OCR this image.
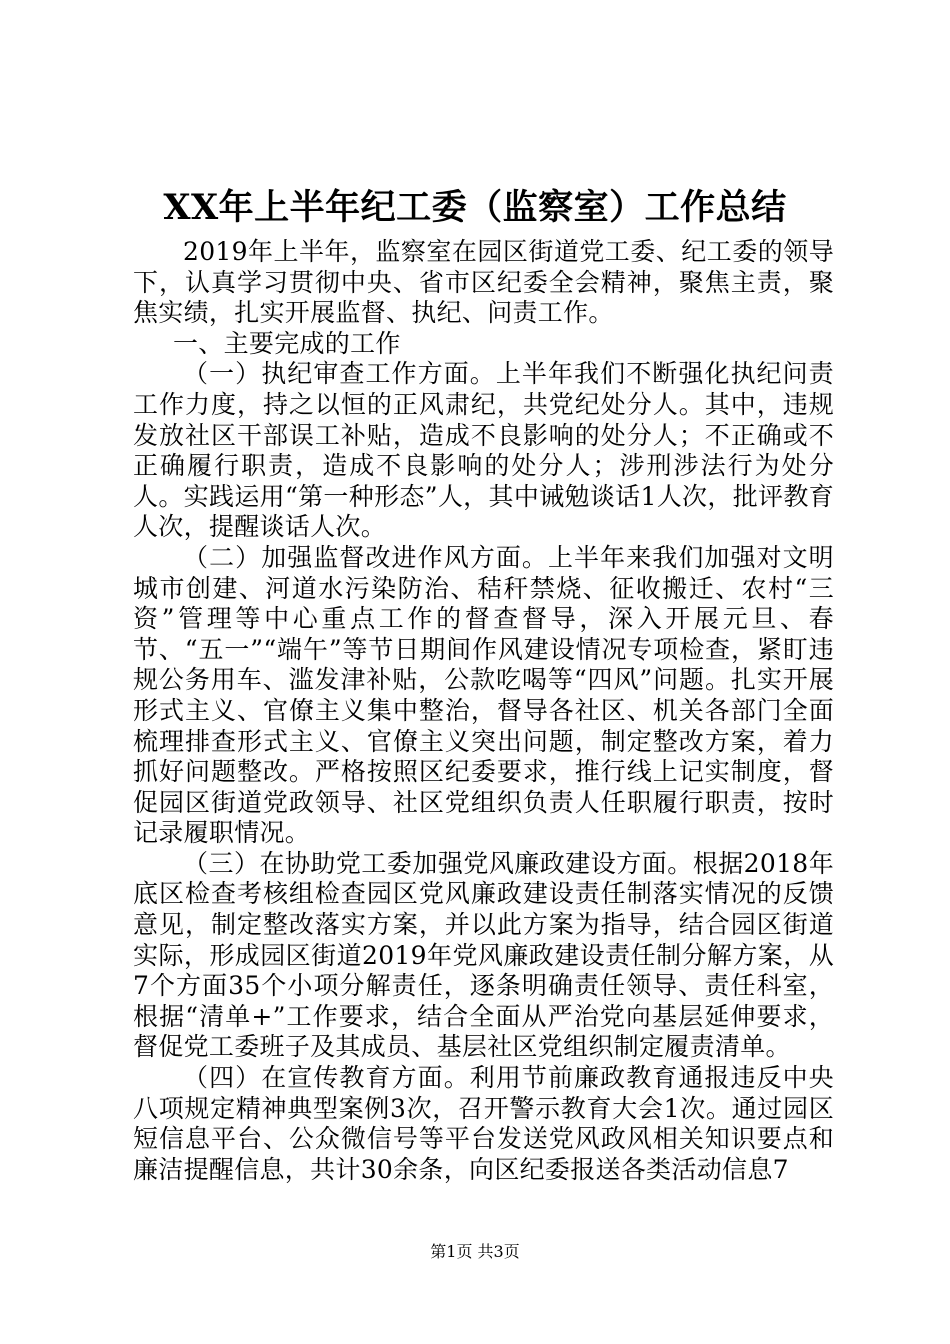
XX年上半年纪工委（监察室）工作总结

2019年上半年，监察室在园区街道党工委、纪工委的领导下，认真学习贯彻中央、省市区纪委全会精神，聚焦主责，聚焦实绩，扎实开展监督、执纪、问责工作。

一、主要完成的工作

（一）执纪审查工作方面。上半年我们不断强化执纪问责工作力度，持之以恒的正风肃纪，共党纪处分人。其中，违规发放社区干部误工补贴，造成不良影响的处分人；不正确或不正确履行职责，造成不良影响的处分人；涉刑涉法行为处分人。实践运用“第一种形态”人，其中诫勉谈话1人次，批评教育人次，提醒谈话人次。

（二）加强监督改进作风方面。上半年来我们加强对文明城市创建、河道水污染防治、秸秆禁烧、征收搬迁、农村“三资”管理等中心重点工作的督查督导，深入开展元旦、春节、“五一”“端午”等节日期间作风建设情况专项检查，紧盯违规公务用车、滥发津补贴，公款吃喝等“四风”问题。扎实开展形式主义、官僚主义集中整治，督导各社区、机关各部门全面梳理排查形式主义、官僚主义突出问题，制定整改方案，着力抓好问题整改。严格按照区纪委要求，推行线上记实制度，督促园区街道党政领导、社区党组织负责人任职履行职责，按时记录履职情况。

（三）在协助党工委加强党风廉政建设方面。根据2018年底区检查考核组检查园区党风廉政建设责任制落实情况的反馈意见，制定整改落实方案，并以此方案为指导，结合园区街道实际，形成园区街道2019年党风廉政建设责任制分解方案，从7个方面35个小项分解责任，逐条明确责任领导、责任科室，根据“清单+”工作要求，结合全面从严治党向基层延伸要求，督促党工委班子及其成员、基层社区党组织制定履责清单。

（四）在宣传教育方面。利用节前廉政教育通报违反中央八项规定精神典型案例3次，召开警示教育大会1次。通过园区短信息平台、公众微信号等平台发送党风政风相关知识要点和廉洁提醒信息，共计30余条，向区纪委报送各类活动信息7

第1页 共3页
